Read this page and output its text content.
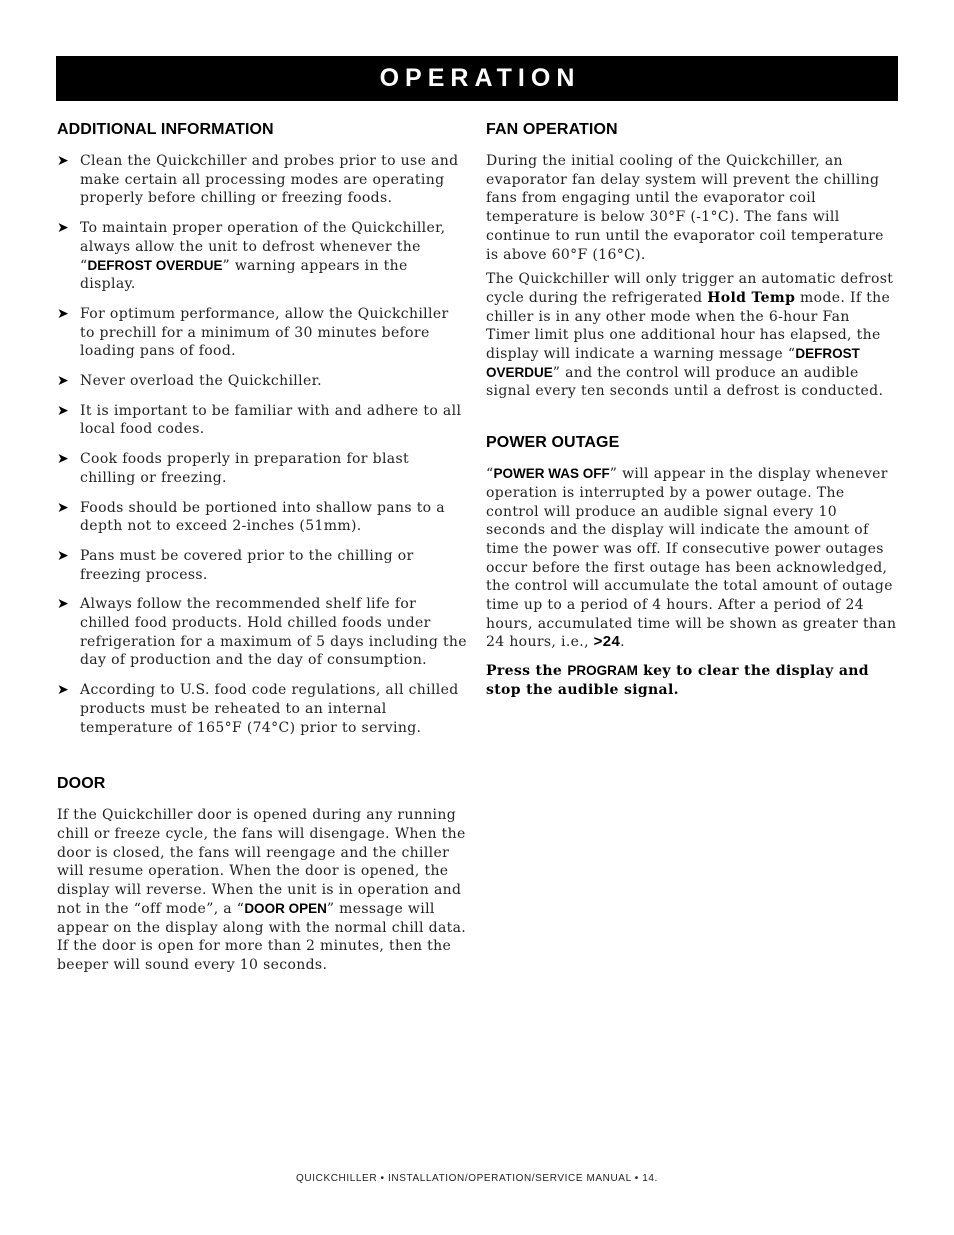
OPERATION
ADDITIONAL INFORMATION
➤ Clean the Quickchiller and probes prior to use and make certain all processing modes are operating properly before chilling or freezing foods.
➤ To maintain proper operation of the Quickchiller, always allow the unit to defrost whenever the “DEFROST OVERDUE” warning appears in the display.
➤ For optimum performance, allow the Quickchiller to prechill for a minimum of 30 minutes before loading pans of food.
➤ Never overload the Quickchiller.
➤ It is important to be familiar with and adhere to all local food codes.
➤ Cook foods properly in preparation for blast chilling or freezing.
➤ Foods should be portioned into shallow pans to a depth not to exceed 2-inches (51mm).
➤ Pans must be covered prior to the chilling or freezing process.
➤ Always follow the recommended shelf life for chilled food products. Hold chilled foods under refrigeration for a maximum of 5 days including the day of production and the day of consumption.
➤ According to U.S. food code regulations, all chilled products must be reheated to an internal temperature of 165°F (74°C) prior to serving.
DOOR

If the Quickchiller door is opened during any running chill or freeze cycle, the fans will disengage. When the door is closed, the fans will reengage and the chiller will resume operation. When the door is opened, the display will reverse. When the unit is in operation and not in the “off mode”, a “DOOR OPEN” message will appear on the display along with the normal chill data. If the door is open for more than 2 minutes, then the beeper will sound every 10 seconds.

FAN OPERATION

During the initial cooling of the Quickchiller, an evaporator fan delay system will prevent the chilling fans from engaging until the evaporator coil temperature is below 30°F (-1°C). The fans will continue to run until the evaporator coil temperature is above 60°F (16°C).

The Quickchiller will only trigger an automatic defrost cycle during the refrigerated Hold Temp mode. If the chiller is in any other mode when the 6-hour Fan Timer limit plus one additional hour has elapsed, the display will indicate a warning message “DEFROST OVERDUE” and the control will produce an audible signal every ten seconds until a defrost is conducted.

POWER OUTAGE

“POWER WAS OFF” will appear in the display whenever operation is interrupted by a power outage. The control will produce an audible signal every 10 seconds and the display will indicate the amount of time the power was off. If consecutive power outages occur before the first outage has been acknowledged, the control will accumulate the total amount of outage time up to a period of 4 hours. After a period of 24 hours, accumulated time will be shown as greater than 24 hours, i.e., >24.

Press the PROGRAM key to clear the display and stop the audible signal.

QUICKCHILLER • INSTALLATION/OPERATION/SERVICE MANUAL • 14.
